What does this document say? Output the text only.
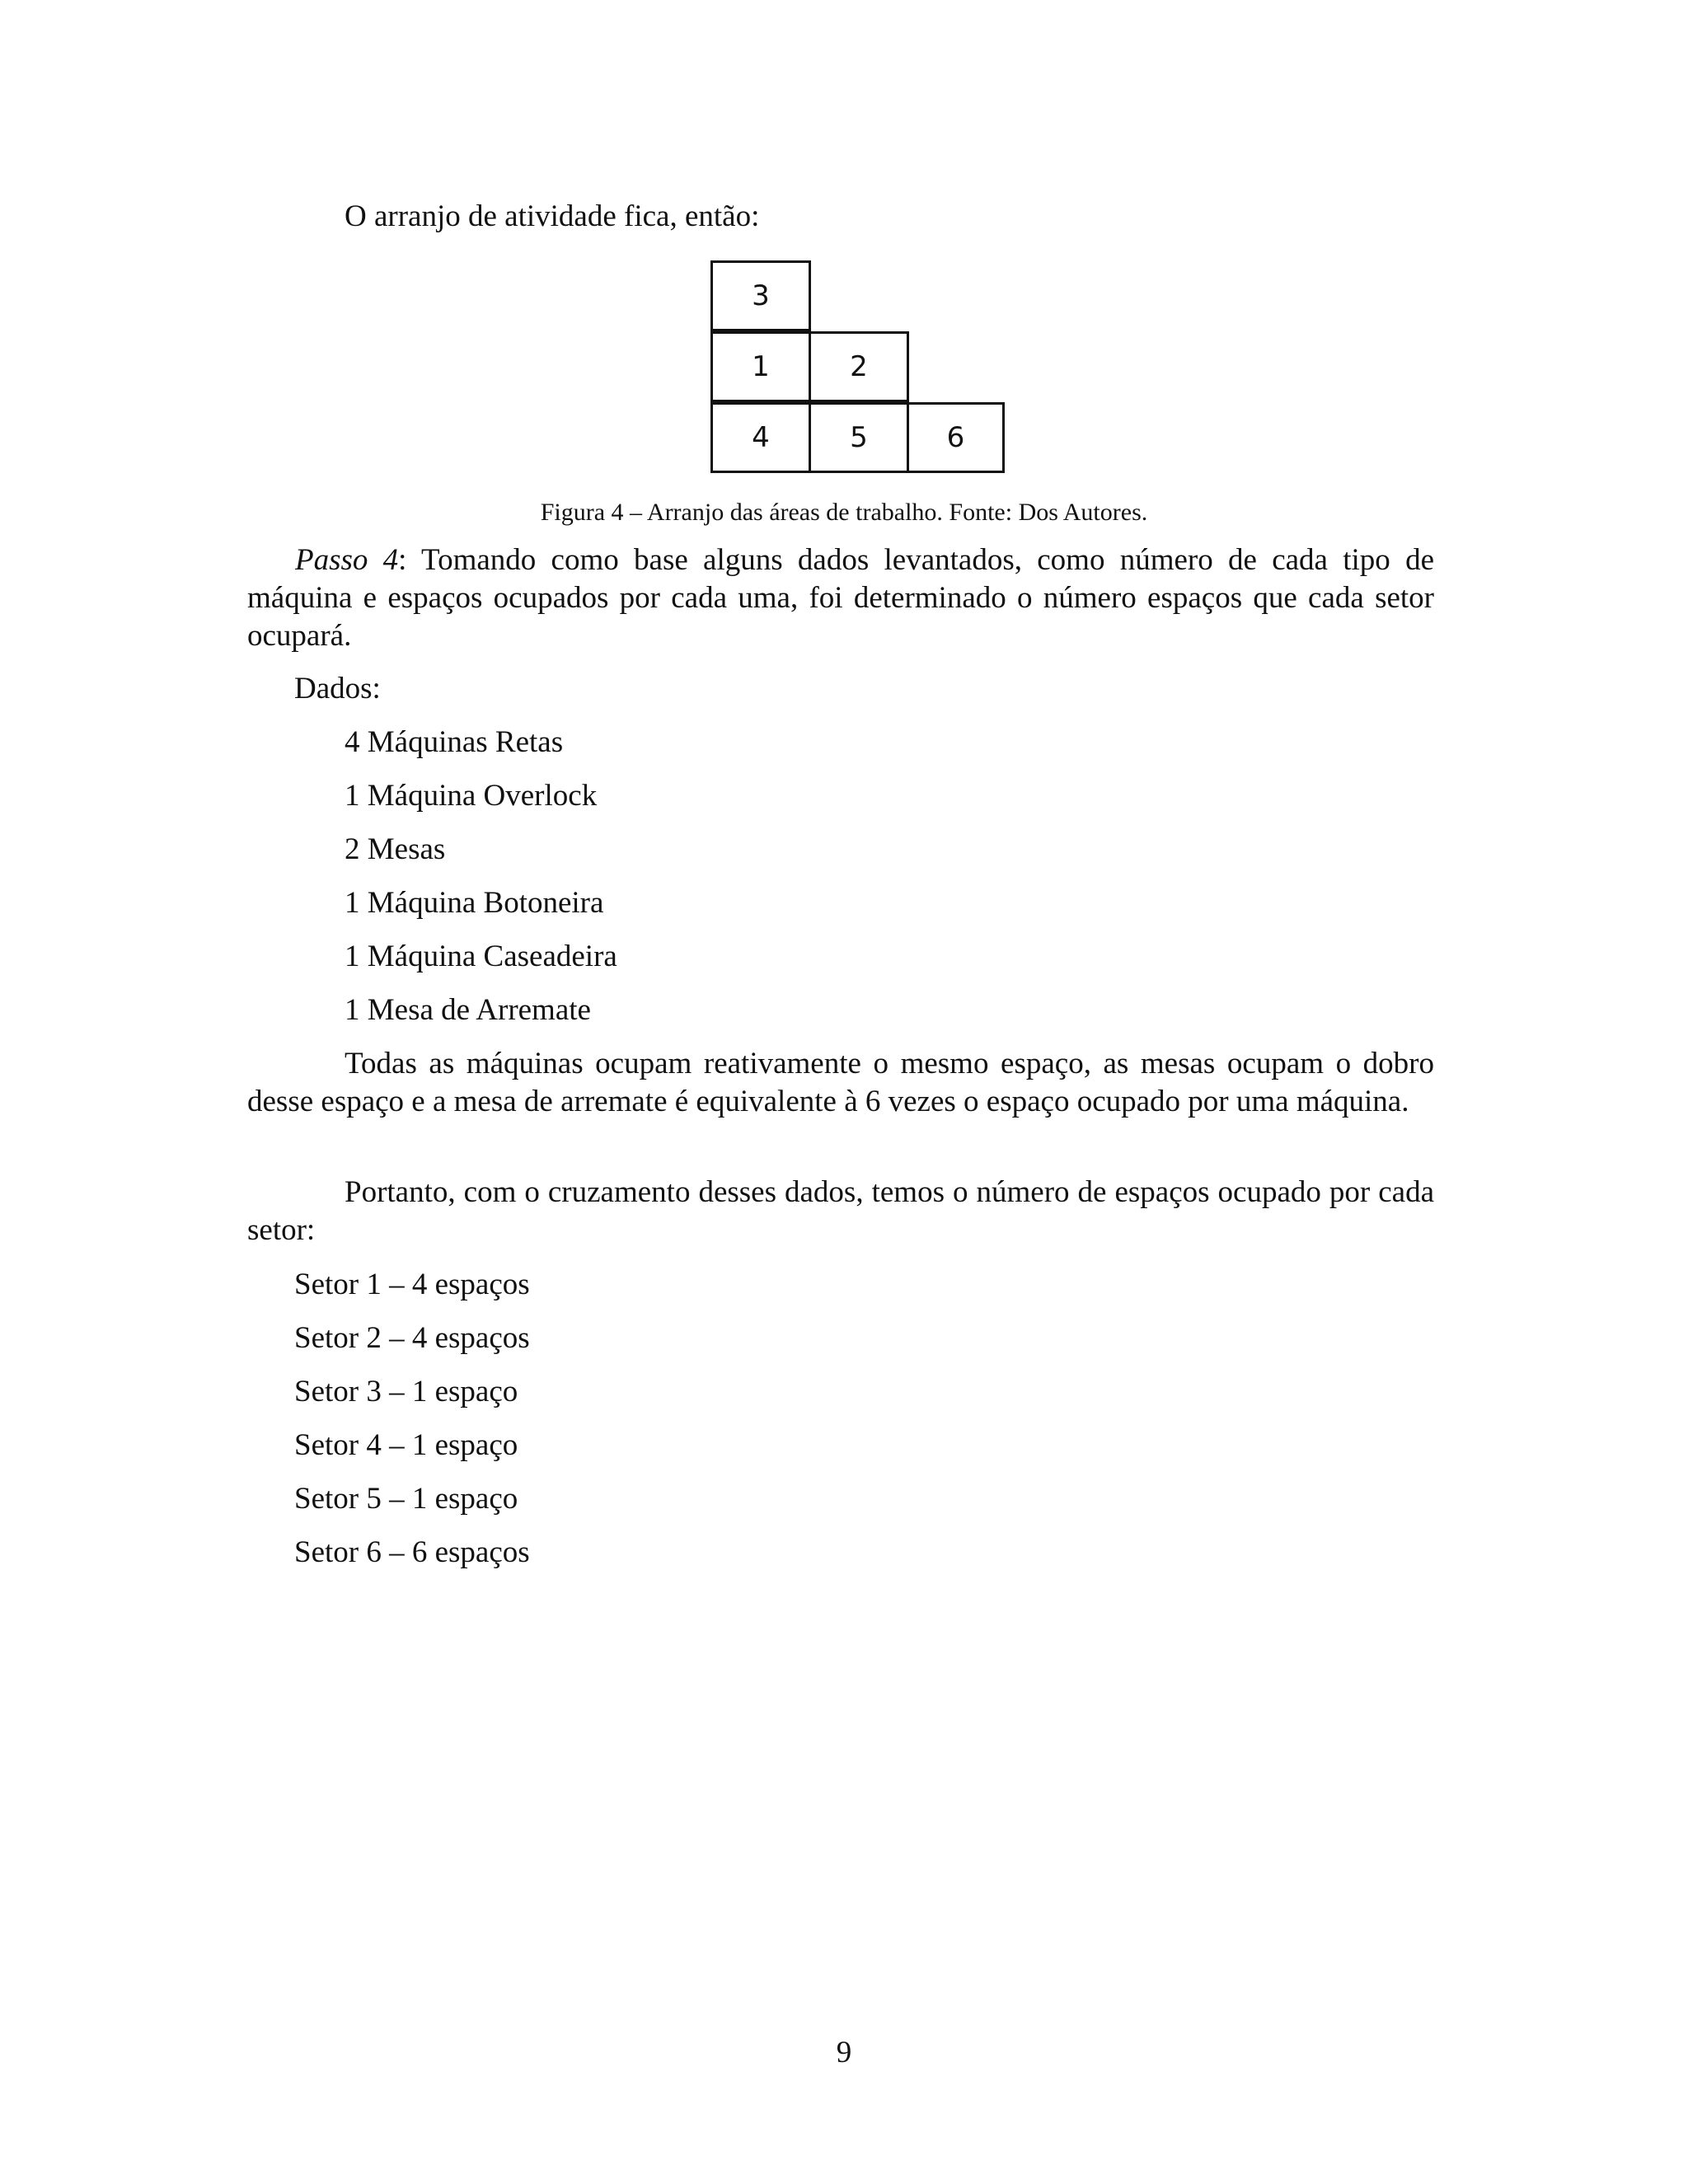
O arranjo de atividade fica, então:
3
1	2
4	5	6
Figura 4 – Arranjo das áreas de trabalho. Fonte: Dos Autores.
Passo 4: Tomando como base alguns dados levantados, como número de cada tipo de máquina e espaços ocupados por cada uma, foi determinado o número espaços que cada setor ocupará.
Dados:
4 Máquinas Retas
1 Máquina Overlock
2 Mesas
1 Máquina Botoneira
1 Máquina Caseadeira
1 Mesa de Arremate
Todas as máquinas ocupam reativamente o mesmo espaço, as mesas ocupam o dobro desse espaço e a mesa de arremate é equivalente à 6 vezes o espaço ocupado por uma máquina.
Portanto, com o cruzamento desses dados, temos o número de espaços ocupado por cada setor:
Setor 1 – 4 espaços
Setor 2 – 4 espaços
Setor 3 – 1 espaço
Setor 4 – 1 espaço
Setor 5 – 1 espaço
Setor 6 – 6 espaços
9
